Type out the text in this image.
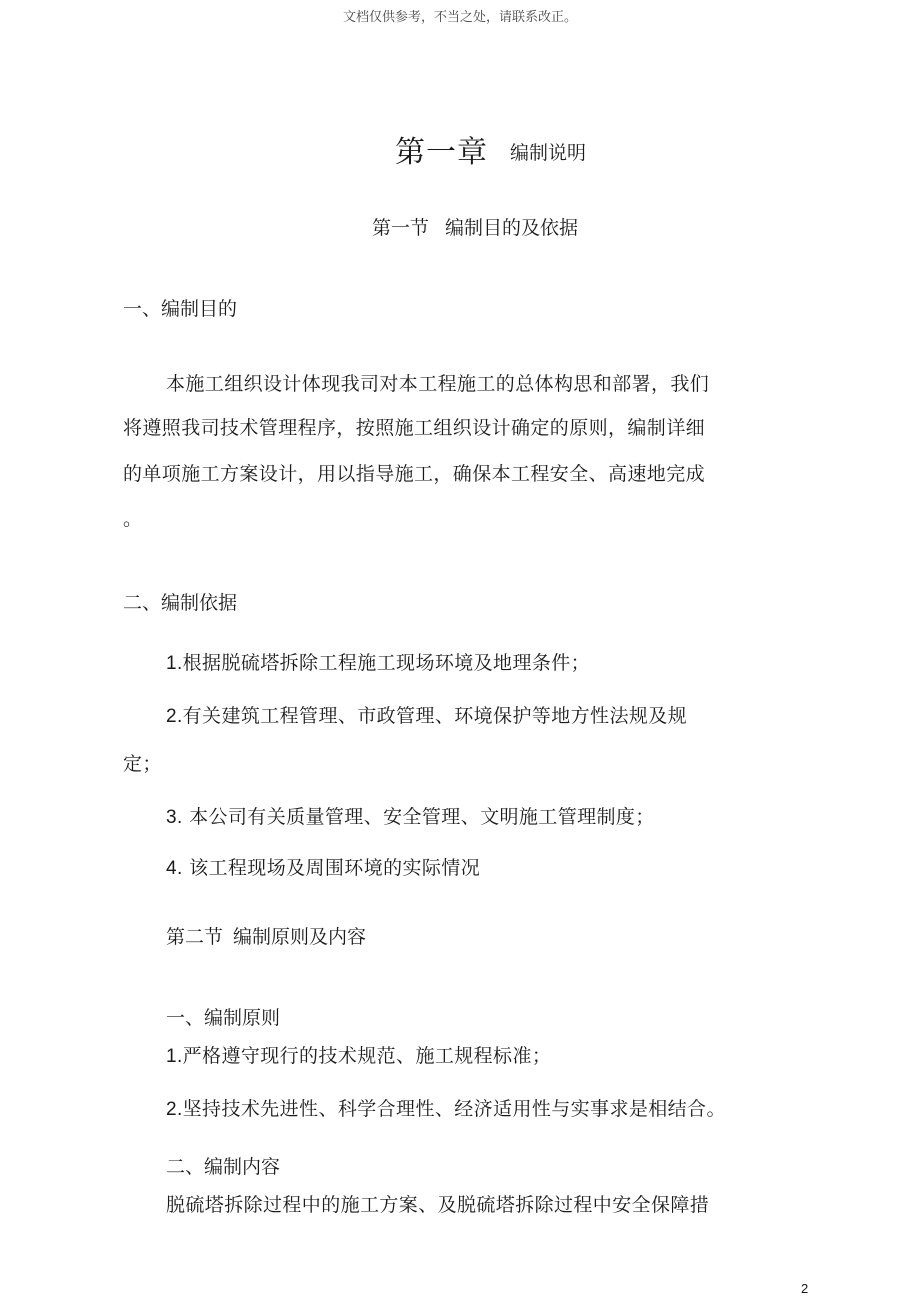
文档仅供参考，不当之处，请联系改正。
第一章 编制说明
第一节 编制目的及依据
一、编制目的
本施工组织设计体现我司对本工程施工的总体构思和部署，我们
将遵照我司技术管理程序，按照施工组织设计确定的原则，编制详细
的单项施工方案设计，用以指导施工，确保本工程安全、高速地完成
。
二、编制依据
1.根据脱硫塔拆除工程施工现场环境及地理条件；
2.有关建筑工程管理、市政管理、环境保护等地方性法规及规
定；
3. 本公司有关质量管理、安全管理、文明施工管理制度；
4. 该工程现场及周围环境的实际情况
第二节 编制原则及内容
一、编制原则
1.严格遵守现行的技术规范、施工规程标准；
2.坚持技术先进性、科学合理性、经济适用性与实事求是相结合。
二、编制内容
脱硫塔拆除过程中的施工方案、及脱硫塔拆除过程中安全保障措
2
